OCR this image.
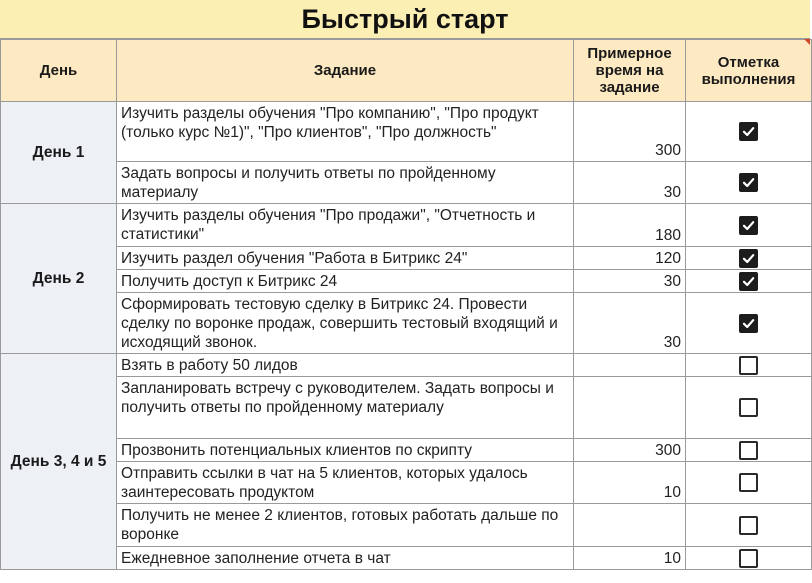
Быстрый старт
День	Задание	Примерное время на задание	Отметка выполнения
День 1	Изучить разделы обучения "Про компанию", "Про продукт (только курс №1)", "Про клиентов", "Про должность"	300	

	Задать вопросы и получить ответы по пройденному материалу	30	

День 2	Изучить разделы обучения "Про продажи", "Отчетность и статистики"	180	

	Изучить раздел обучения "Работа в Битрикс 24"	120	

	Получить доступ к Битрикс 24	30	

	Сформировать тестовую сделку в Битрикс 24. Провести сделку по воронке продаж, совершить тестовый входящий и исходящий звонок.	30	

День 3, 4 и 5	Взять в работу 50 лидов		
	Запланировать встречу с руководителем. Задать вопросы и получить ответы по пройденному материалу		
	Прозвонить потенциальных клиентов по скрипту	300	
	Отправить ссылки в чат на 5 клиентов, которых удалось заинтересовать продуктом	10	
	Получить не менее 2 клиентов, готовых работать дальше по воронке		
	Ежедневное заполнение отчета в чат	10	
